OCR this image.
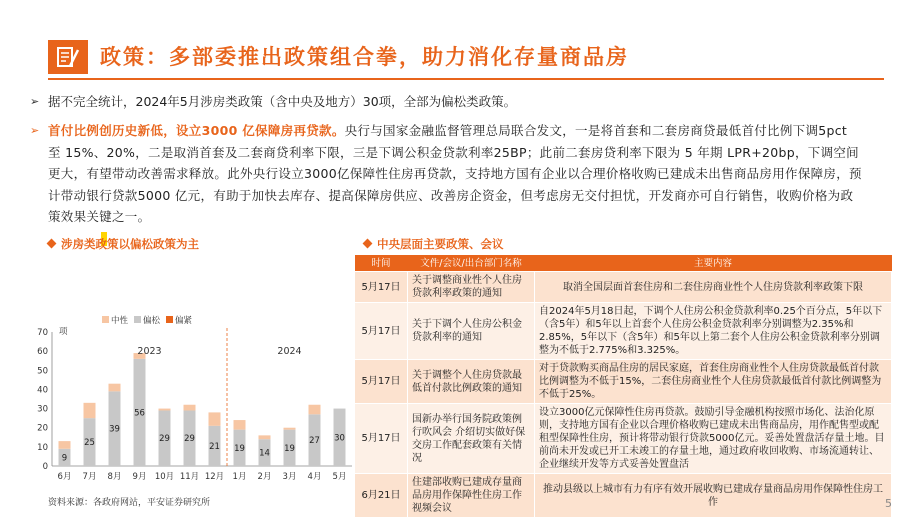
政策：多部委推出政策组合拳，助力消化存量商品房
➢ 据不完全统计，2024年5月涉房类政策（含中央及地方）30项，全部为偏松类政策。
➢ 首付比例创历史新低，设立3000 亿保障房再贷款。央行与国家金融监督管理总局联合发文，一是将首套和二套房商贷最低首付比例下调5pct 至 15%、20%，二是取消首套及二套商贷利率下限，三是下调公积金贷款利率25BP；此前二套房贷利率下限为 5 年期 LPR+20bp，下调空间更大，有望带动改善需求释放。此外央行设立3000亿保障性住房再贷款，支持地方国有企业以合理价格收购已建成未出售商品房用作保障房，预计带动银行贷款5000 亿元，有助于加快去库存、提高保障房供应、改善房企资金，但考虑房无交付担忧，开发商亦可自行销售，收购价格为政策效果关键之一。
涉房类政策以偏松政策为主	中央层面主要政策、会议
中性 偏松 偏紧
项
0
10
20
30
40
50
60
70
9
6月
25
7月
39
8月
56
9月
29
10月
29
11月
21
12月
19
1月
14
2月
19
3月
27
4月
30
5月
2023	2024
时间	文件/会议/出台部门名称	主要内容
5月17日	关于调整商业性个人住房贷款利率政策的通知	取消全国层面首套住房和二套住房商业性个人住房贷款利率政策下限
5月17日	关于下调个人住房公积金贷款利率的通知	自2024年5月18日起，下调个人住房公积金贷款利率0.25个百分点，5年以下（含5年）和5年以上首套个人住房公积金贷款利率分别调整为2.35%和2.85%，5年以下（含5年）和5年以上第二套个人住房公积金贷款利率分别调整为不低于2.775%和3.325%。
5月17日	关于调整个人住房贷款最低首付款比例政策的通知	对于贷款购买商品住房的居民家庭，首套住房商业性个人住房贷款最低首付款比例调整为不低于15%，二套住房商业性个人住房贷款最低首付款比例调整为不低于25%。
5月17日	国新办举行国务院政策例行吹风会 介绍切实做好保交房工作配套政策有关情况	设立3000亿元保障性住房再贷款。鼓励引导金融机构按照市场化、法治化原则，支持地方国有企业以合理价格收购已建成未出售商品房，用作配售型或配租型保障性住房，预计将带动银行贷款5000亿元。妥善处置盘活存量土地。目前尚未开发或已开工未竣工的存量土地，通过政府收回收购、市场流通转让、企业继续开发等方式妥善处置盘活
6月21日	住建部收购已建成存量商品房用作保障性住房工作视频会议	推动县级以上城市有力有序有效开展收购已建成存量商品房用作保障性住房工作
资料来源：各政府网站，平安证券研究所	5
